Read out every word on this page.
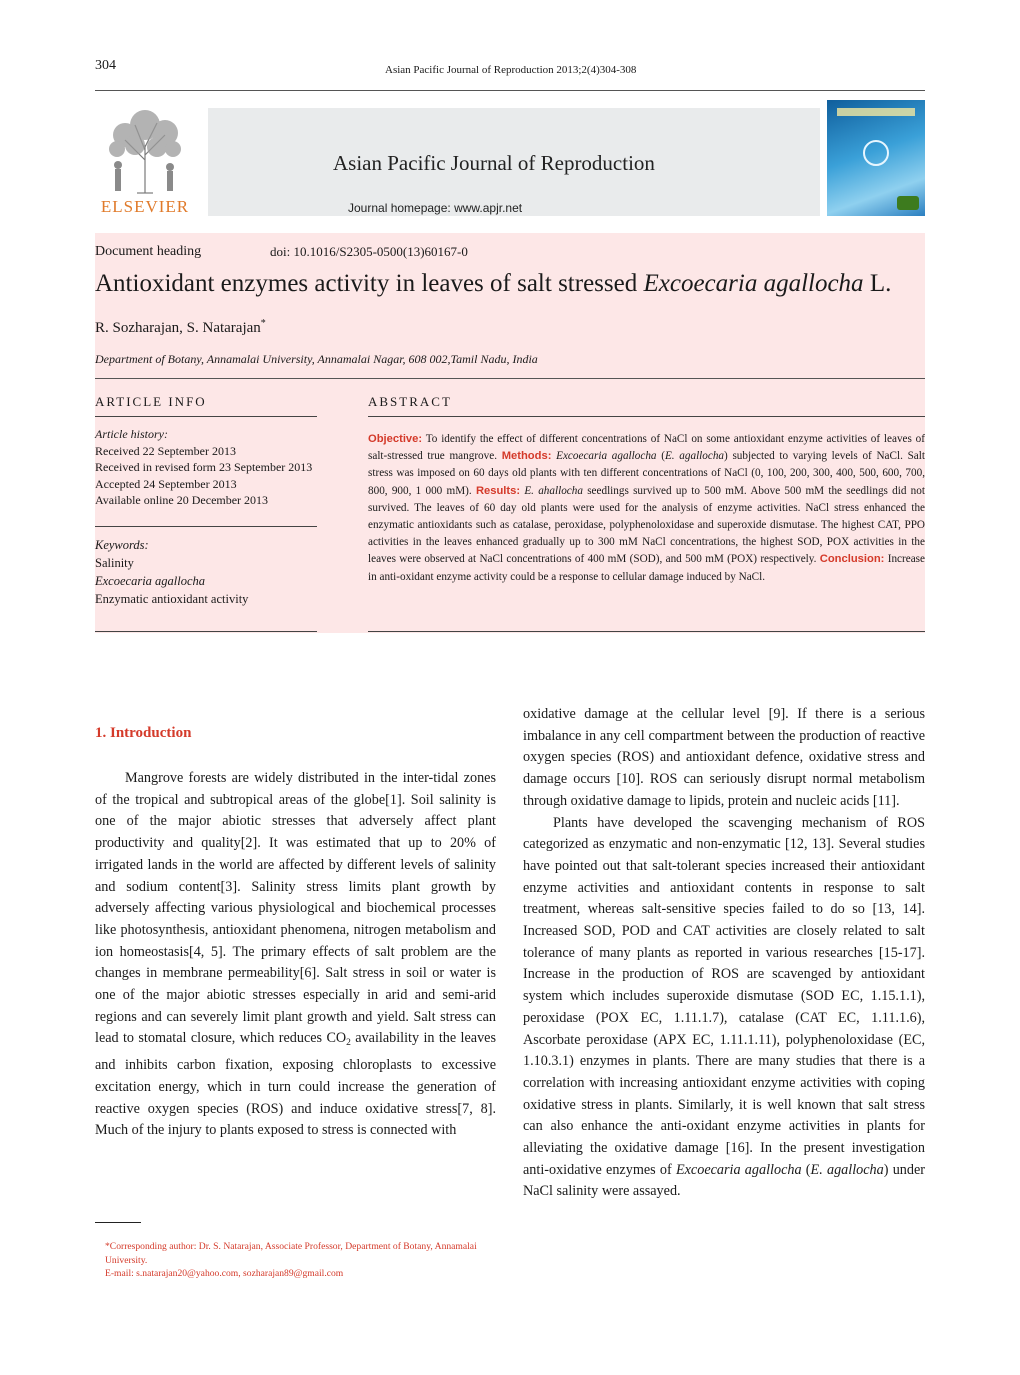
304	Asian Pacific Journal of Reproduction 2013;2(4)304-308
ELSEVIER
Asian Pacific Journal of Reproduction
Journal homepage: www.apjr.net
Document heading	doi: 10.1016/S2305-0500(13)60167-0
Antioxidant enzymes activity in leaves of salt stressed Excoecaria agallocha L.
R. Sozharajan, S. Natarajan*
Department of Botany, Annamalai University, Annamalai Nagar, 608 002,Tamil Nadu, India
ARTICLE INFO
Article history:
Received 22 September 2013
Received in revised form 23 September 2013
Accepted 24 September 2013
Available online 20 December 2013
Keywords:
Salinity
Excoecaria agallocha
Enzymatic antioxidant activity
ABSTRACT
Objective: To identify the effect of different concentrations of NaCl on some antioxidant enzyme activities of leaves of salt-stressed true mangrove. Methods: Excoecaria agallocha (E. agallocha) subjected to varying levels of NaCl. Salt stress was imposed on 60 days old plants with ten different concentrations of NaCl (0, 100, 200, 300, 400, 500, 600, 700, 800, 900, 1 000 mM). Results: E. ahallocha seedlings survived up to 500 mM. Above 500 mM the seedlings did not survived. The leaves of 60 day old plants were used for the analysis of enzyme activities. NaCl stress enhanced the enzymatic antioxidants such as catalase, peroxidase, polyphenoloxidase and superoxide dismutase. The highest CAT, PPO activities in the leaves enhanced gradually up to 300 mM NaCl concentrations, the highest SOD, POX activities in the leaves were observed at NaCl concentrations of 400 mM (SOD), and 500 mM (POX) respectively. Conclusion: Increase in anti-oxidant enzyme activity could be a response to cellular damage induced by NaCl.
1. Introduction

Mangrove forests are widely distributed in the inter-tidal zones of the tropical and subtropical areas of the globe[1]. Soil salinity is one of the major abiotic stresses that adversely affect plant productivity and quality[2]. It was estimated that up to 20% of irrigated lands in the world are affected by different levels of salinity and sodium content[3]. Salinity stress limits plant growth by adversely affecting various physiological and biochemical processes like photosynthesis, antioxidant phenomena, nitrogen metabolism and ion homeostasis[4, 5]. The primary effects of salt problem are the changes in membrane permeability[6]. Salt stress in soil or water is one of the major abiotic stresses especially in arid and semi-arid regions and can severely limit plant growth and yield. Salt stress can lead to stomatal closure, which reduces $CO_2$ availability in the leaves and inhibits carbon fixation, exposing chloroplasts to excessive excitation energy, which in turn could increase the generation of reactive oxygen species (ROS) and induce oxidative stress[7, 8]. Much of the injury to plants exposed to stress is connected with

*Corresponding author: Dr. S. Natarajan, Associate Professor, Department of Botany, Annamalai University.

E-mail: s.natarajan20@yahoo.com, sozharajan89@gmail.com

oxidative damage at the cellular level [9]. If there is a serious imbalance in any cell compartment between the production of reactive oxygen species (ROS) and antioxidant defence, oxidative stress and damage occurs [10]. ROS can seriously disrupt normal metabolism through oxidative damage to lipids, protein and nucleic acids [11].

Plants have developed the scavenging mechanism of ROS categorized as enzymatic and non-enzymatic [12, 13]. Several studies have pointed out that salt-tolerant species increased their antioxidant enzyme activities and antioxidant contents in response to salt treatment, whereas salt-sensitive species failed to do so [13, 14]. Increased SOD, POD and CAT activities are closely related to salt tolerance of many plants as reported in various researches [15-17]. Increase in the production of ROS are scavenged by antioxidant system which includes superoxide dismutase (SOD EC, 1.15.1.1), peroxidase (POX EC, 1.11.1.7), catalase (CAT EC, 1.11.1.6), Ascorbate peroxidase (APX EC, 1.11.1.11), polyphenoloxidase (EC, 1.10.3.1) enzymes in plants. There are many studies that there is a correlation with increasing antioxidant enzyme activities with coping oxidative stress in plants. Similarly, it is well known that salt stress can also enhance the anti-oxidant enzyme activities in plants for alleviating the oxidative damage [16]. In the present investigation anti-oxidative enzymes of Excoecaria agallocha (E. agallocha) under NaCl salinity were assayed.
